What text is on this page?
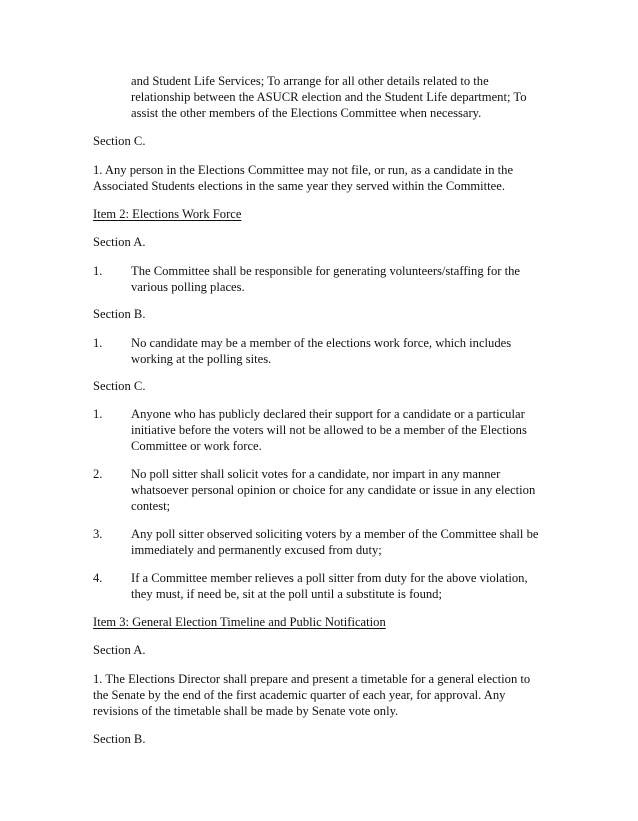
and Student Life Services; To arrange for all other details related to the
relationship between the ASUCR election and the Student Life department; To
assist the other members of the Elections Committee when necessary.
Section C.
1. Any person in the Elections Committee may not file, or run, as a candidate in the
Associated Students elections in the same year they served within the Committee.
Item 2: Elections Work Force
Section A.
1. The Committee shall be responsible for generating volunteers/staffing for the
various polling places.
Section B.
1. No candidate may be a member of the elections work force, which includes
working at the polling sites.
Section C.
1. Anyone who has publicly declared their support for a candidate or a particular
initiative before the voters will not be allowed to be a member of the Elections
Committee or work force.
2. No poll sitter shall solicit votes for a candidate, nor impart in any manner
whatsoever personal opinion or choice for any candidate or issue in any election
contest;
3. Any poll sitter observed soliciting voters by a member of the Committee shall be
immediately and permanently excused from duty;
4. If a Committee member relieves a poll sitter from duty for the above violation,
they must, if need be, sit at the poll until a substitute is found;
Item 3: General Election Timeline and Public Notification
Section A.
1. The Elections Director shall prepare and present a timetable for a general election to
the Senate by the end of the first academic quarter of each year, for approval. Any
revisions of the timetable shall be made by Senate vote only.
Section B.
